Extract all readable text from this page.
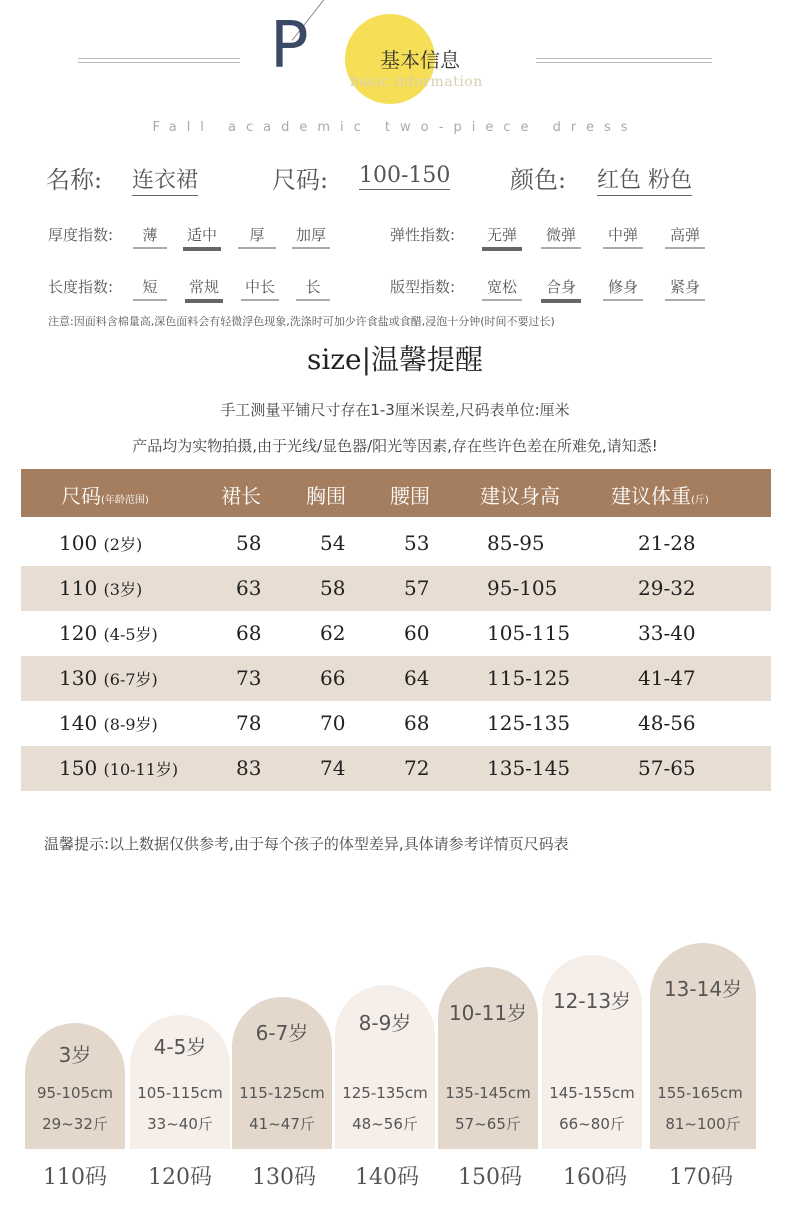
P	基本信息
basic information
Fall academic two-piece dress
名称: 连衣裙	尺码: 100-150 颜色: 红色 粉色
厚度指数:	薄	适中	厚	加厚	弹性指数:	无弹	微弹	中弹	高弹
长度指数:	短	常规 中长	长	版型指数:	宽松	合身	修身	紧身
注意:因面料含棉量高,深色面料会有轻微浮色现象,洗涤时可加少许食盐或食醋,浸泡十分钟(时间不要过长)
size|温馨提醒
手工测量平铺尺寸存在1-3厘米误差,尺码表单位:厘米
产品均为实物拍摄,由于光线/显色器/阳光等因素,存在些许色差在所难免,请知悉!
尺码(年龄范围)	裙长 胸围 腰围	建议身高	建议体重(斤)
100 (2岁)	58	54	53	85-95	21-28
110 (3岁)	63	58	57	95-105	29-32
120 (4-5岁)	68	62	60	105-115	33-40
130 (6-7岁)	73	66	64	115-125	41-47
140 (8-9岁)	78	70	68	125-135	48-56
150 (10-11岁)	83	74	72	135-145	57-65
温馨提示:以上数据仅供参考,由于每个孩子的体型差异,具体请参考详情页尺码表
3岁
95-105cm
29~32斤
4-5岁
105-115cm
33~40斤
6-7岁
115-125cm
41~47斤
8-9岁
125-135cm
48~56斤
10-11岁
135-145cm
57~65斤
12-13岁
145-155cm
66~80斤
13-14岁
155-165cm
81~100斤
110码	120码	130码	140码	150码	160码	170码
